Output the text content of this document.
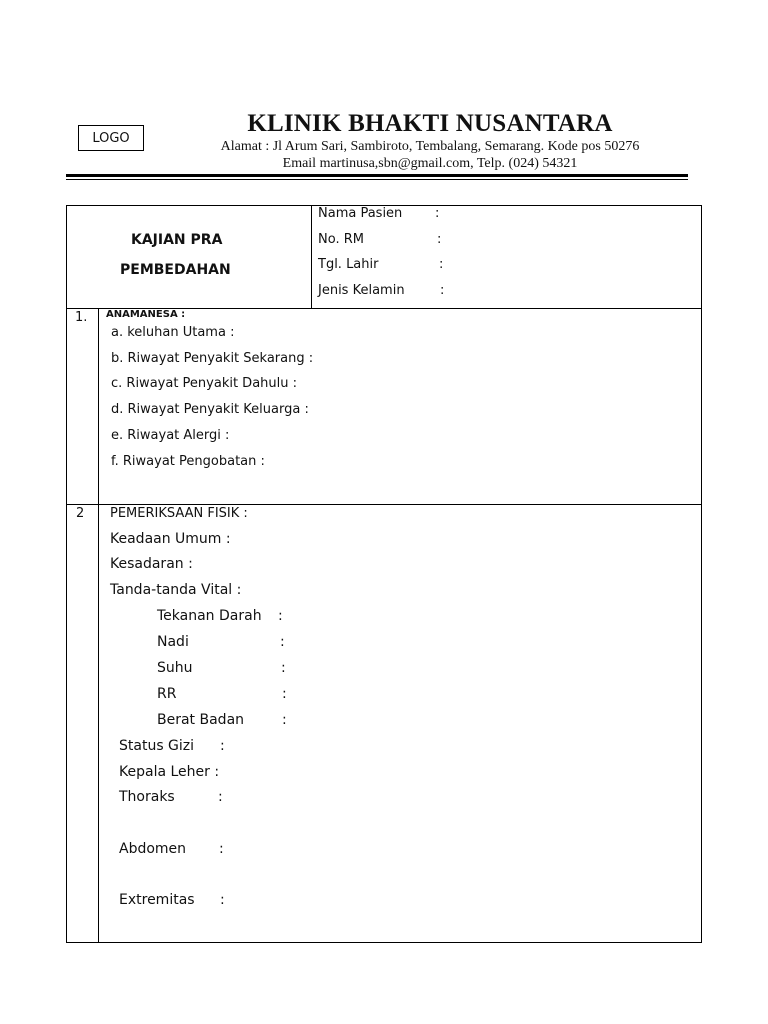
LOGO
KLINIK BHAKTI NUSANTARA
Alamat : Jl Arum Sari, Sambiroto, Tembalang, Semarang. Kode pos 50276
Email martinusa,sbn@gmail.com, Telp. (024) 54321
KAJIAN PRA
PEMBEDAHAN
Nama Pasien	:
No. RM	:
Tgl. Lahir	:
Jenis Kelamin	:
1. ANAMANESA :
a. keluhan Utama :
b. Riwayat Penyakit Sekarang :
c. Riwayat Penyakit Dahulu :
d. Riwayat Penyakit Keluarga :
e. Riwayat Alergi :
f. Riwayat Pengobatan :
2 PEMERIKSAAN FISIK :
Keadaan Umum :
Kesadaran :
Tanda-tanda Vital :
Tekanan Darah :
Nadi	:
Suhu	:
RR	:
Berat Badan	:
Status Gizi :
Kepala Leher :
Thoraks	:
Abdomen :
Extremitas :
